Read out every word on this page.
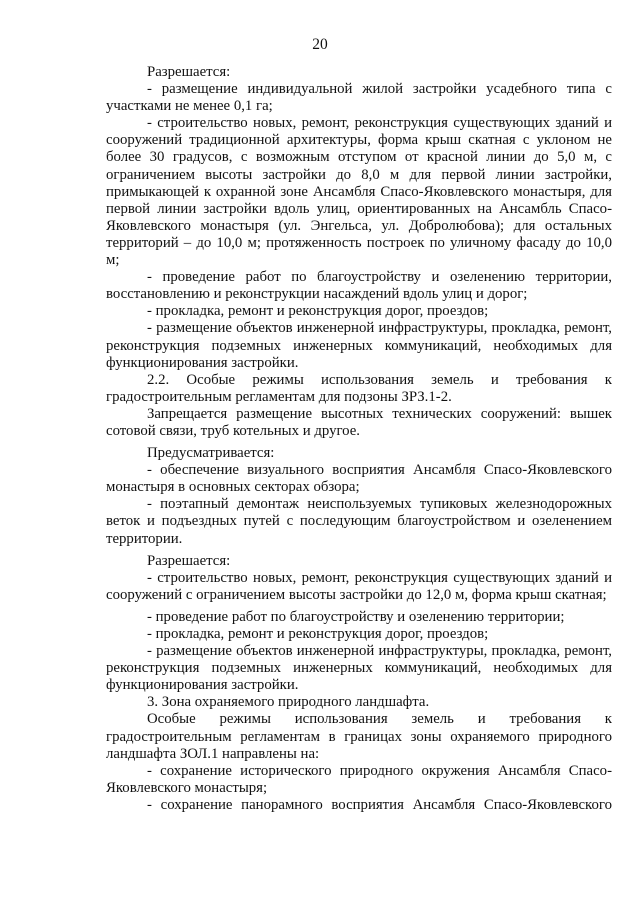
20

Разрешается:

- размещение индивидуальной жилой застройки усадебного типа с участками не менее 0,1 га;

- строительство новых, ремонт, реконструкция существующих зданий и сооружений традиционной архитектуры, форма крыш скатная с уклоном не более 30 градусов, с возможным отступом от красной линии до 5,0 м, с ограничением высоты застройки до 8,0 м для первой линии застройки, примыкающей к охранной зоне Ансамбля Спасо-Яковлевского монастыря, для первой линии застройки вдоль улиц, ориентированных на Ансамбль Спасо-Яковлевского монастыря (ул. Энгельса, ул. Добролюбова); для остальных территорий – до 10,0 м; протяженность построек по уличному фасаду до 10,0 м;

- проведение работ по благоустройству и озеленению территории, восстановлению и реконструкции насаждений вдоль улиц и дорог;

- прокладка, ремонт и реконструкция дорог, проездов;

- размещение объектов инженерной инфраструктуры, прокладка, ремонт, реконструкция подземных инженерных коммуникаций, необходимых для функционирования застройки.

2.2. Особые режимы использования земель и требования к градостроительным регламентам для подзоны ЗРЗ.1-2.

Запрещается размещение высотных технических сооружений: вышек сотовой связи, труб котельных и другое.

Предусматривается:

- обеспечение визуального восприятия Ансамбля Спасо-Яковлевского монастыря в основных секторах обзора;

- поэтапный демонтаж неиспользуемых тупиковых железнодорожных веток и подъездных путей с последующим благоустройством и озеленением территории.

Разрешается:

- строительство новых, ремонт, реконструкция существующих зданий и сооружений с ограничением высоты застройки до 12,0 м, форма крыш скатная;

- проведение работ по благоустройству и озеленению территории;

- прокладка, ремонт и реконструкция дорог, проездов;

- размещение объектов инженерной инфраструктуры, прокладка, ремонт, реконструкция подземных инженерных коммуникаций, необходимых для функционирования застройки.

3. Зона охраняемого природного ландшафта.

Особые режимы использования земель и требования к градостроительным регламентам в границах зоны охраняемого природного ландшафта ЗОЛ.1 направлены на:

- сохранение исторического природного окружения Ансамбля Спасо-Яковлевского монастыря;

- сохранение панорамного восприятия Ансамбля Спасо-Яковлевского
